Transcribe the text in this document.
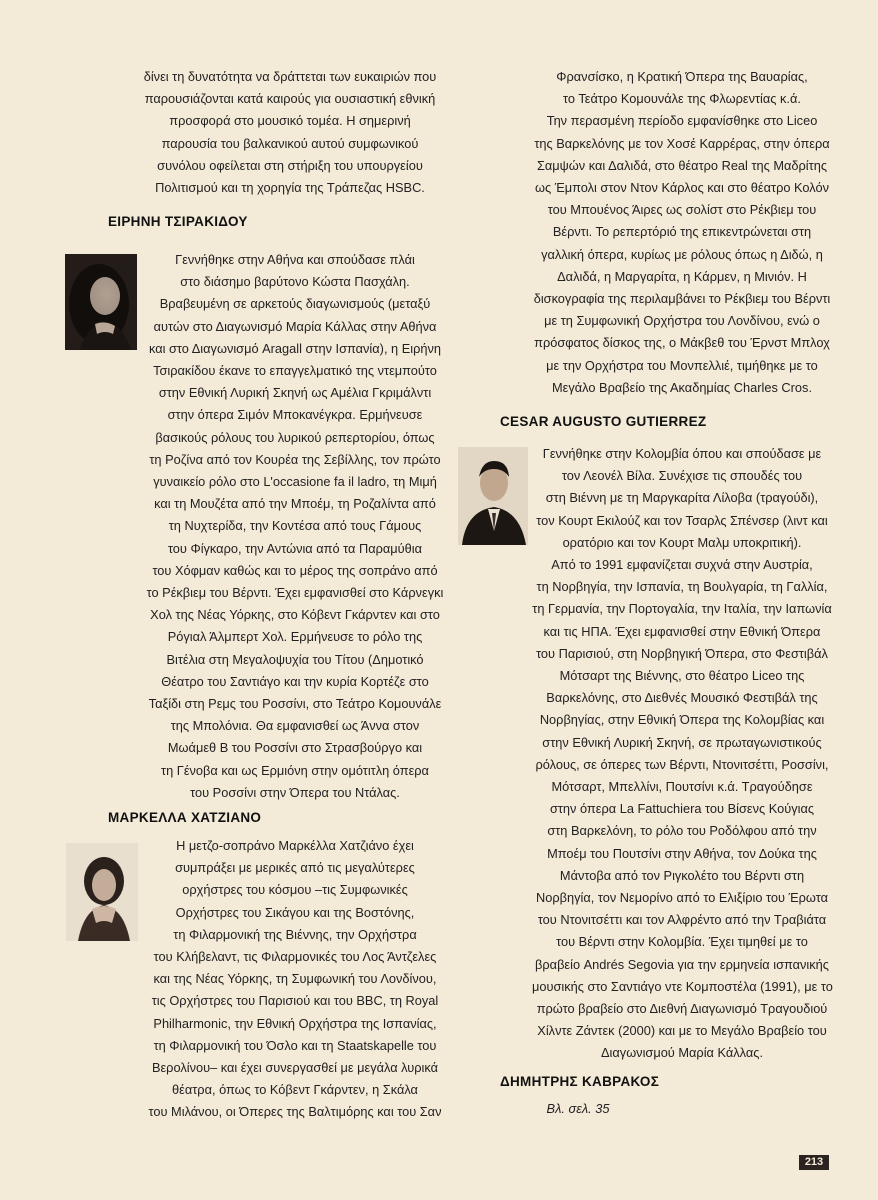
δίνει τη δυνατότητα να δράττεται των ευκαιριών που
παρουσιάζονται κατά καιρούς για ουσιαστική εθνική
προσφορά στο μουσικό τομέα. Η σημερινή
παρουσία του βαλκανικού αυτού συμφωνικού
συνόλου οφείλεται στη στήριξη του υπουργείου
Πολιτισμού και τη χορηγία της Τράπεζας HSBC.
ΕΙΡΗΝΗ ΤΣΙΡΑΚΙΔΟΥ
Γεννήθηκε στην Αθήνα και σπούδασε πλάι
στο διάσημο βαρύτονο Κώστα Πασχάλη.
Βραβευμένη σε αρκετούς διαγωνισμούς (μεταξύ
αυτών στο Διαγωνισμό Μαρία Κάλλας στην Αθήνα
και στο Διαγωνισμό Aragall στην Ισπανία), η Ειρήνη
Τσιρακίδου έκανε το επαγγελματικό της ντεμπούτο
στην Εθνική Λυρική Σκηνή ως Αμέλια Γκριμάλντι
στην όπερα Σιμόν Μποκανέγκρα. Ερμήνευσε
βασικούς ρόλους του λυρικού ρεπερτορίου, όπως
τη Ροζίνα από τον Κουρέα της Σεβίλλης, τον πρώτο
γυναικείο ρόλο στο L'occasione fa il ladro, τη Μιμή
και τη Μουζέτα από την Μποέμ, τη Ροζαλίντα από
τη Νυχτερίδα, την Κοντέσα από τους Γάμους
του Φίγκαρο, την Αντώνια από τα Παραμύθια
του Χόφμαν καθώς και το μέρος της σοπράνο από
το Ρέκβιεμ του Βέρντι. Έχει εμφανισθεί στο Κάρνεγκι
Χολ της Νέας Υόρκης, στο Κόβεντ Γκάρντεν και στο
Ρόγιαλ Άλμπερτ Χολ. Ερμήνευσε το ρόλο της
Βιτέλια στη Μεγαλοψυχία του Τίτου (Δημοτικό
Θέατρο του Σαντιάγο και την κυρία Κορτέζε στο
Ταξίδι στη Ρεμς του Ροσσίνι, στο Τεάτρο Κομουνάλε
της Μπολόνια. Θα εμφανισθεί ως Άννα στον
Μωάμεθ Β του Ροσσίνι στο Στρασβούργο και
τη Γένοβα και ως Ερμιόνη στην ομότιτλη όπερα
του Ροσσίνι στην Όπερα του Ντάλας.
ΜΑΡΚΕΛΛΑ ΧΑΤΖΙΑΝΟ
Η μετζο-σοπράνο Μαρκέλλα Χατζιάνο έχει
συμπράξει με μερικές από τις μεγαλύτερες
ορχήστρες του κόσμου –τις Συμφωνικές
Ορχήστρες του Σικάγου και της Βοστόνης,
τη Φιλαρμονική της Βιέννης, την Ορχήστρα
του Κλήβελαντ, τις Φιλαρμονικές του Λος Άντζελες
και της Νέας Υόρκης, τη Συμφωνική του Λονδίνου,
τις Ορχήστρες του Παρισιού και του BBC, τη Royal
Philharmonic, την Εθνική Ορχήστρα της Ισπανίας,
τη Φιλαρμονική του Όσλο και τη Staatskapelle του
Βερολίνου– και έχει συνεργασθεί με μεγάλα λυρικά
θέατρα, όπως το Κόβεντ Γκάρντεν, η Σκάλα
του Μιλάνου, οι Όπερες της Βαλτιμόρης και του Σαν
Φρανσίσκο, η Κρατική Όπερα της Βαυαρίας,
το Τεάτρο Κομουνάλε της Φλωρεντίας κ.ά.
Την περασμένη περίοδο εμφανίσθηκε στο Liceo
της Βαρκελόνης με τον Χοσέ Καρρέρας, στην όπερα
Σαμψών και Δαλιδά, στο θέατρο Real της Μαδρίτης
ως Έμπολι στον Ντον Κάρλος και στο θέατρο Κολόν
του Μπουένος Άιρες ως σολίστ στο Ρέκβιεμ του
Βέρντι. Το ρεπερτόριό της επικεντρώνεται στη
γαλλική όπερα, κυρίως με ρόλους όπως η Διδώ, η
Δαλιδά, η Μαργαρίτα, η Κάρμεν, η Μινιόν. Η
δισκογραφία της περιλαμβάνει το Ρέκβιεμ του Βέρντι
με τη Συμφωνική Ορχήστρα του Λονδίνου, ενώ ο
πρόσφατος δίσκος της, ο Μάκβεθ του Έρνστ Μπλοχ
με την Ορχήστρα του Μονπελλιέ, τιμήθηκε με το
Μεγάλο Βραβείο της Ακαδημίας Charles Cros.
CESAR AUGUSTO GUTIERREZ
Γεννήθηκε στην Κολομβία όπου και σπούδασε με
τον Λεονέλ Βίλα. Συνέχισε τις σπουδές του
στη Βιέννη με τη Μαργκαρίτα Λίλοβα (τραγούδι),
τον Κουρτ Εκιλούζ και τον Τσαρλς Σπένσερ (λιντ και
ορατόριο και τον Κουρτ Μαλμ υποκριτική).
Από το 1991 εμφανίζεται συχνά στην Αυστρία,
τη Νορβηγία, την Ισπανία, τη Βουλγαρία, τη Γαλλία,
τη Γερμανία, την Πορτογαλία, την Ιταλία, την Ιαπωνία
και τις ΗΠΑ. Έχει εμφανισθεί στην Εθνική Όπερα
του Παρισιού, στη Νορβηγική Όπερα, στο Φεστιβάλ
Μότσαρτ της Βιέννης, στο θέατρο Liceo της
Βαρκελόνης, στο Διεθνές Μουσικό Φεστιβάλ της
Νορβηγίας, στην Εθνική Όπερα της Κολομβίας και
στην Εθνική Λυρική Σκηνή, σε πρωταγωνιστικούς
ρόλους, σε όπερες των Βέρντι, Ντονιτσέττι, Ροσσίνι,
Μότσαρτ, Μπελλίνι, Πουτσίνι κ.ά. Τραγούδησε
στην όπερα La Fattuchiera του Βίσενς Κούγιας
στη Βαρκελόνη, το ρόλο του Ροδόλφου από την
Μποέμ του Πουτσίνι στην Αθήνα, τον Δούκα της
Μάντοβα από τον Ριγκολέτο του Βέρντι στη
Νορβηγία, τον Νεμορίνο από το Ελιξίριο του Έρωτα
του Ντονιτσέττι και τον Αλφρέντο από την Τραβιάτα
του Βέρντι στην Κολομβία. Έχει τιμηθεί με το
βραβείο Andrés Segovia για την ερμηνεία ισπανικής
μουσικής στο Σαντιάγο ντε Κομποστέλα (1991), με το
πρώτο βραβείο στο Διεθνή Διαγωνισμό Τραγουδιού
Χίλντε Ζάντεκ (2000) και με το Μεγάλο Βραβείο του
Διαγωνισμού Μαρία Κάλλας.
ΔΗΜΗΤΡΗΣ ΚΑΒΡΑΚΟΣ
Βλ. σελ. 35
213
